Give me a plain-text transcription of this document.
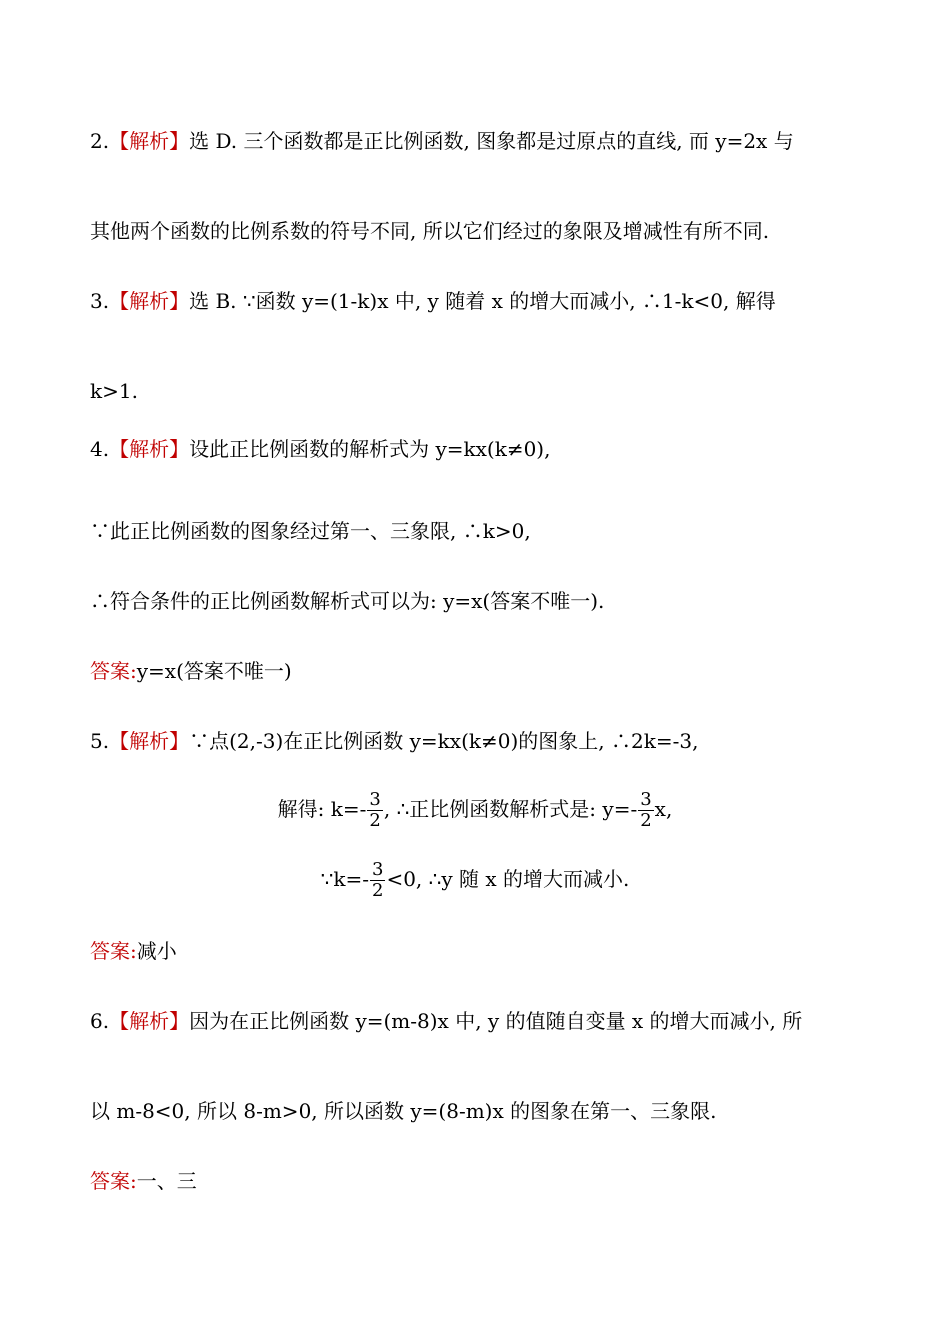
2.【解析】选 D. 三个函数都是正比例函数, 图象都是过原点的直线, 而 y=2x 与
其他两个函数的比例系数的符号不同, 所以它们经过的象限及增减性有所不同.
3.【解析】选 B. ∵函数 y=(1-k)x 中, y 随着 x 的增大而减小, ∴1-k<0, 解得
k>1.
4.【解析】设此正比例函数的解析式为 y=kx(k≠0),
∵此正比例函数的图象经过第一、三象限, ∴k>0,
∴符合条件的正比例函数解析式可以为: y=x(答案不唯一).
答案:y=x(答案不唯一)
5.【解析】∵点(2,-3)在正比例函数 y=kx(k≠0)的图象上, ∴2k=-3,
解得: $k=- \frac{3}{2}$ , ∴正比例函数解析式是: $y=- \frac{3}{2} x$,
∵k=- $\frac{3}{2} <0$, ∴y 随 x 的增大而减小.
答案:减小
6.【解析】因为在正比例函数 y=(m-8)x 中, y 的值随自变量 x 的增大而减小, 所
以 m-8<0, 所以 8-m>0, 所以函数 y=(8-m)x 的图象在第一、三象限.
答案:一、三
